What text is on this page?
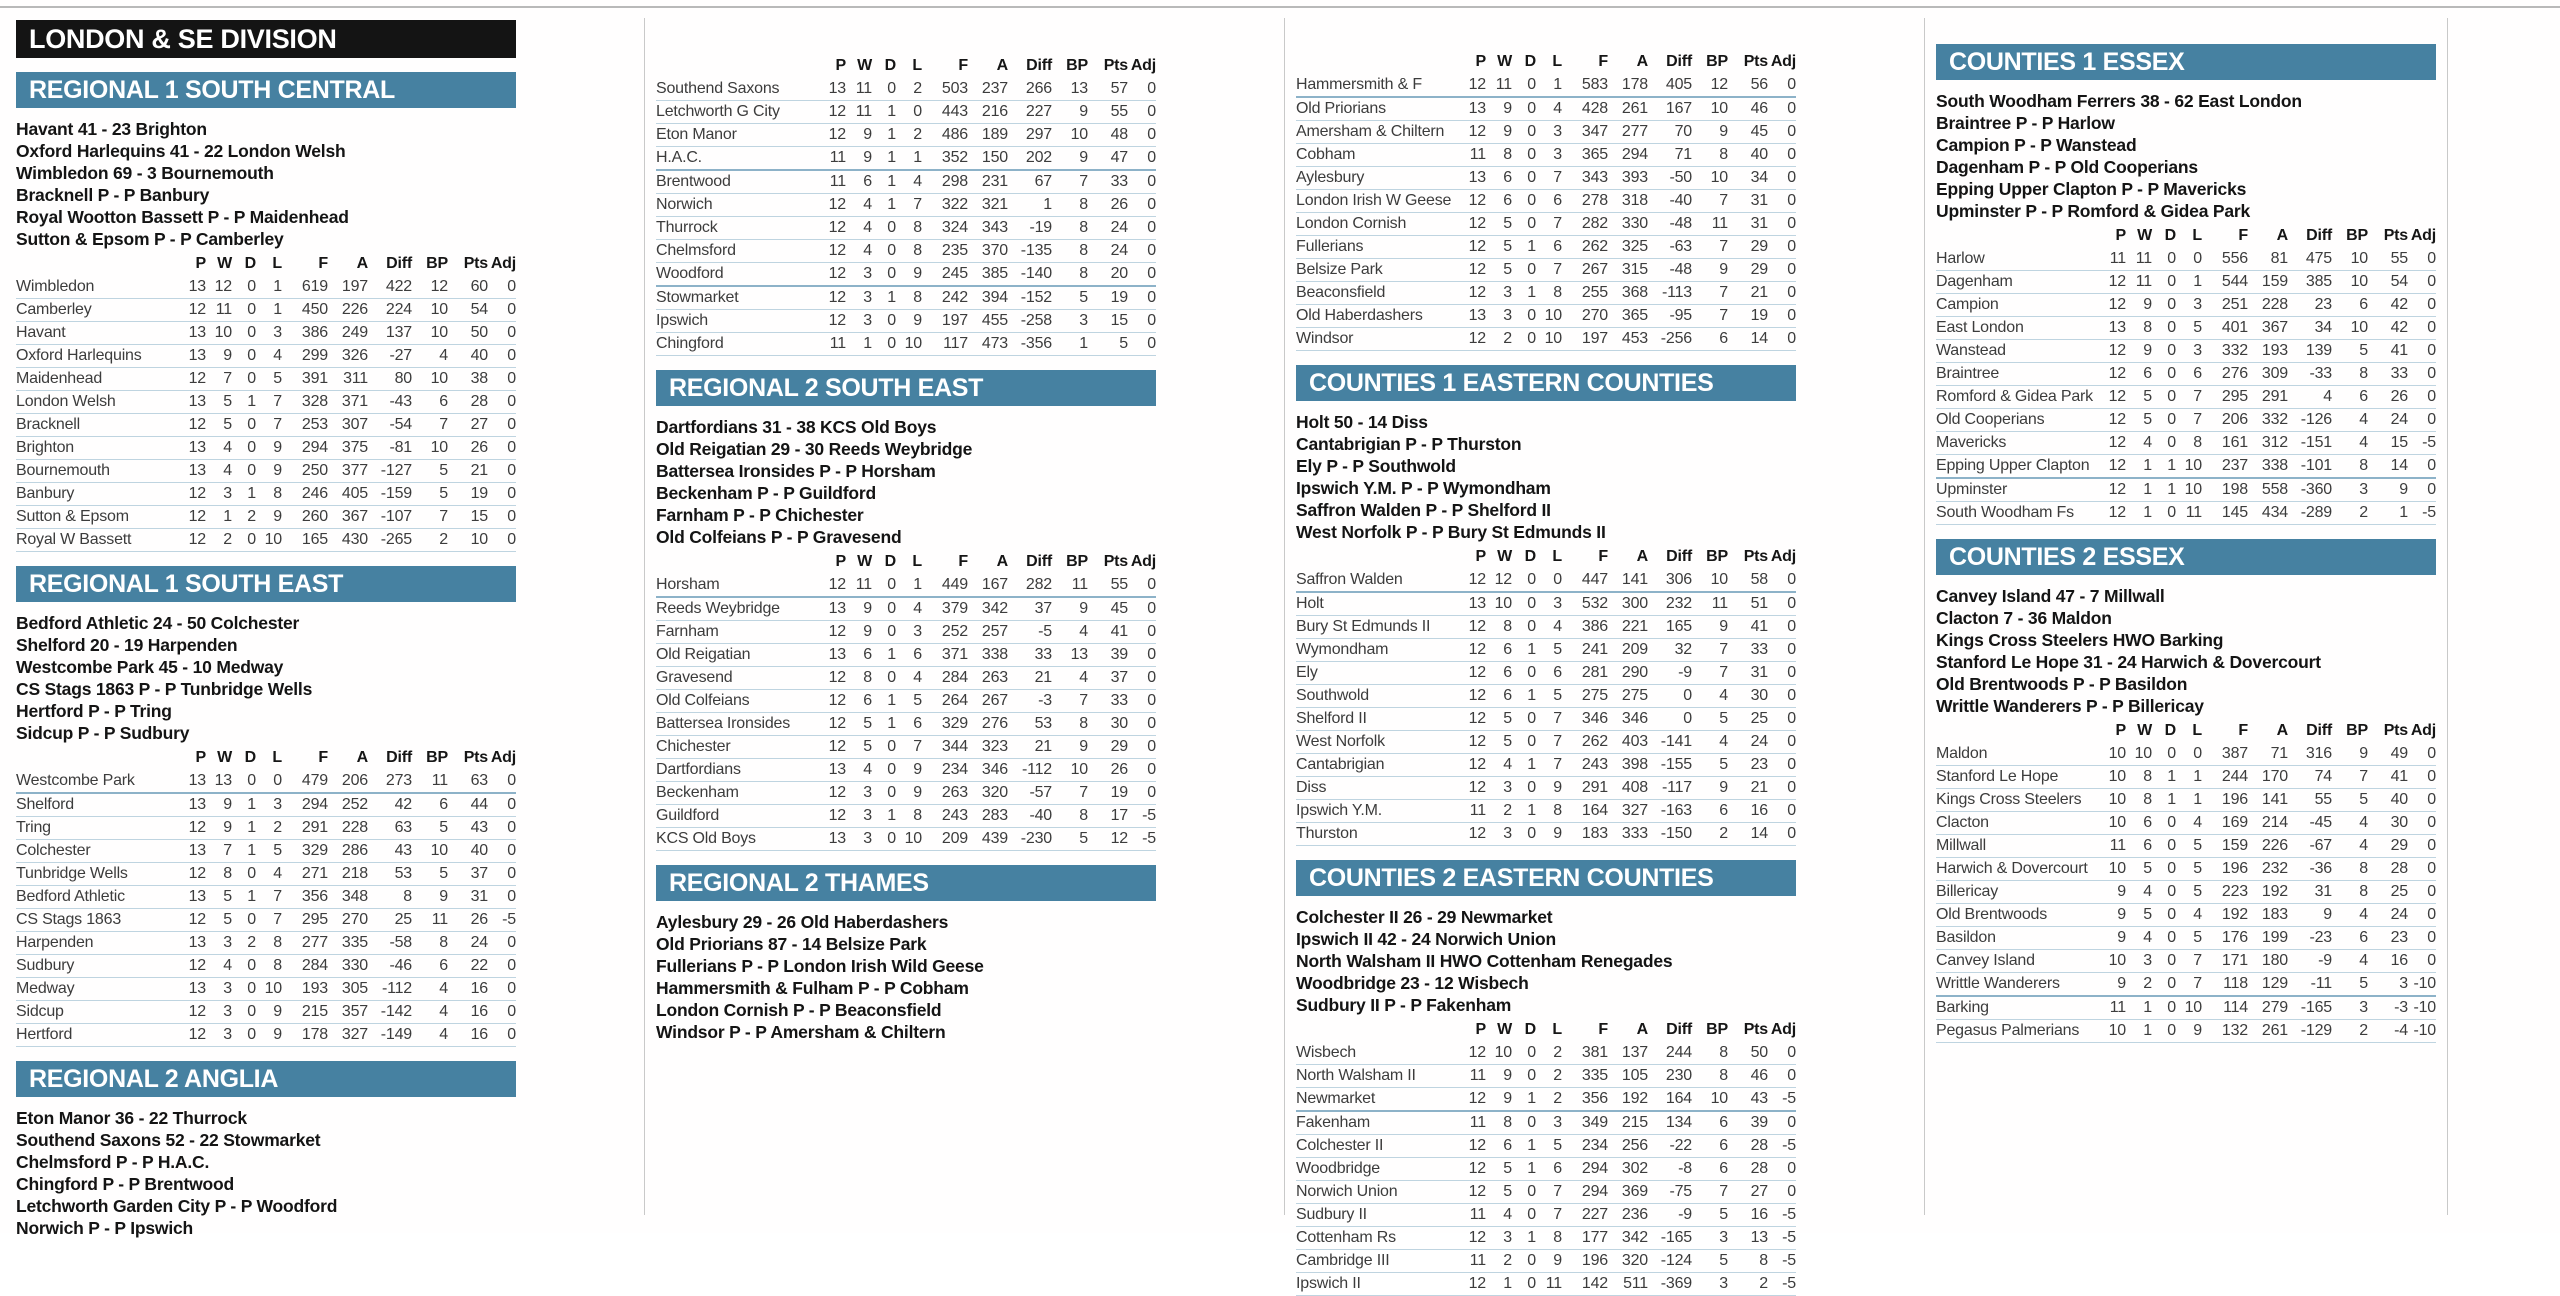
LONDON & SE DIVISION
REGIONAL 1 SOUTH CENTRAL
Havant 41 - 23 Brighton
Oxford Harlequins 41 - 22 London Welsh
Wimbledon 69 - 3 Bournemouth
Bracknell P - P Banbury
Royal Wootton Bassett P - P Maidenhead
Sutton & Epsom P - P Camberley
P W D	L	F	A	Diff BP Pts Adj
Wimbledon	13 12 0	1	619 197	422	12	60	0
Camberley	12 11 0	1	450 226	224	10	54	0
Havant	13 10 0	3	386 249	137	10	50	0
Oxford Harlequins	13	9 0	4	299 326	-27	4	40	0
Maidenhead	12	7 0	5	391 311	80	10	38	0
London Welsh	13	5 1	7	328 371	-43	6	28	0
Bracknell	12	5 0	7	253 307	-54	7	27	0
Brighton	13	4 0	9	294 375	-81	10	26	0
Bournemouth	13	4 0	9	250 377 -127	5	21	0
Banbury	12	3 1	8	246 405 -159	5	19	0
Sutton & Epsom	12	1 2	9	260 367 -107	7	15	0
Royal W Bassett	12	2 0 10	165 430 -265	2	10	0
REGIONAL 1 SOUTH EAST
Bedford Athletic 24 - 50 Colchester
Shelford 20 - 19 Harpenden
Westcombe Park 45 - 10 Medway
CS Stags 1863 P - P Tunbridge Wells
Hertford P - P Tring
Sidcup P - P Sudbury
P W D	L	F	A	Diff BP Pts Adj
Westcombe Park	13 13 0	0	479 206	273	11	63	0
Shelford	13	9 1	3	294 252	42	6	44	0
Tring	12	9 1	2	291 228	63	5	43	0
Colchester	13	7 1	5	329 286	43	10	40	0
Tunbridge Wells	12	8 0	4	271 218	53	5	37	0
Bedford Athletic	13	5 1	7	356 348	8	9	31	0
CS Stags 1863	12	5 0	7	295 270	25	11	26 -5
Harpenden	13	3 2	8	277 335	-58	8	24	0
Sudbury	12	4 0	8	284 330	-46	6	22	0
Medway	13	3 0 10	193 305 -112	4	16	0
Sidcup	12	3 0	9	215 357 -142	4	16	0
Hertford	12	3 0	9	178 327 -149	4	16	0
REGIONAL 2 ANGLIA
Eton Manor 36 - 22 Thurrock
Southend Saxons 52 - 22 Stowmarket
Chelmsford P - P H.A.C.
Chingford P - P Brentwood
Letchworth Garden City P - P Woodford
Norwich P - P Ipswich
P W D	L	F	A	Diff BP Pts Adj
Southend Saxons	13 11 0	2	503 237	266	13	57	0
Letchworth G City	12 11 1	0	443 216	227	9	55	0
Eton Manor	12	9 1	2	486 189	297	10	48	0
H.A.C.	11	9 1	1	352 150	202	9	47	0
Brentwood	11	6 1	4	298 231	67	7	33	0
Norwich	12	4 1	7	322 321	1	8	26	0
Thurrock	12	4 0	8	324 343	-19	8	24	0
Chelmsford	12	4 0	8	235 370 -135	8	24	0
Woodford	12	3 0	9	245 385 -140	8	20	0
Stowmarket	12	3 1	8	242 394 -152	5	19	0
Ipswich	12	3 0	9	197 455 -258	3	15	0
Chingford	11	1 0 10	117 473 -356	1	5	0
REGIONAL 2 SOUTH EAST
Dartfordians 31 - 38 KCS Old Boys
Old Reigatian 29 - 30 Reeds Weybridge
Battersea Ironsides P - P Horsham
Beckenham P - P Guildford
Farnham P - P Chichester
Old Colfeians P - P Gravesend
P W D	L	F	A	Diff BP Pts Adj
Horsham	12 11 0	1	449 167	282	11	55	0
Reeds Weybridge	13	9 0	4	379 342	37	9	45	0
Farnham	12	9 0	3	252 257	-5	4	41	0
Old Reigatian	13	6 1	6	371 338	33	13	39	0
Gravesend	12	8 0	4	284 263	21	4	37	0
Old Colfeians	12	6 1	5	264 267	-3	7	33	0
Battersea Ironsides	12	5 1	6	329 276	53	8	30	0
Chichester	12	5 0	7	344 323	21	9	29	0
Dartfordians	13	4 0	9	234 346 -112	10	26	0
Beckenham	12	3 0	9	263 320	-57	7	19	0
Guildford	12	3 1	8	243 283	-40	8	17 -5
KCS Old Boys	13	3 0 10	209 439 -230	5	12 -5
REGIONAL 2 THAMES
Aylesbury 29 - 26 Old Haberdashers
Old Priorians 87 - 14 Belsize Park
Fullerians P - P London Irish Wild Geese
Hammersmith & Fulham P - P Cobham
London Cornish P - P Beaconsfield
Windsor P - P Amersham & Chiltern
P W D	L	F	A	Diff BP Pts Adj
Hammersmith & F	12 11 0	1	583 178	405	12	56	0
Old Priorians	13	9 0	4	428 261	167	10	46	0
Amersham & Chiltern	12	9 0	3	347 277	70	9	45	0
Cobham	11	8 0	3	365 294	71	8	40	0
Aylesbury	13	6 0	7	343 393	-50	10	34	0
London Irish W Geese	12	6 0	6	278 318	-40	7	31	0
London Cornish	12	5 0	7	282 330	-48	11	31	0
Fullerians	12	5 1	6	262 325	-63	7	29	0
Belsize Park	12	5 0	7	267 315	-48	9	29	0
Beaconsfield	12	3 1	8	255 368 -113	7	21	0
Old Haberdashers	13	3 0 10	270 365	-95	7	19	0
Windsor	12	2 0 10	197 453 -256	6	14	0
COUNTIES 1 EASTERN COUNTIES
Holt 50 - 14 Diss
Cantabrigian P - P Thurston
Ely P - P Southwold
Ipswich Y.M. P - P Wymondham
Saffron Walden P - P Shelford II
West Norfolk P - P Bury St Edmunds II
P W D	L	F	A	Diff BP Pts Adj
Saffron Walden	12 12 0	0	447 141	306	10	58	0
Holt	13 10 0	3	532 300	232	11	51	0
Bury St Edmunds II	12	8 0	4	386 221	165	9	41	0
Wymondham	12	6 1	5	241 209	32	7	33	0
Ely	12	6 0	6	281 290	-9	7	31	0
Southwold	12	6 1	5	275 275	0	4	30	0
Shelford II	12	5 0	7	346 346	0	5	25	0
West Norfolk	12	5 0	7	262 403 -141	4	24	0
Cantabrigian	12	4 1	7	243 398 -155	5	23	0
Diss	12	3 0	9	291 408 -117	9	21	0
Ipswich Y.M.	11	2 1	8	164 327 -163	6	16	0
Thurston	12	3 0	9	183 333 -150	2	14	0
COUNTIES 2 EASTERN COUNTIES
Colchester II 26 - 29 Newmarket
Ipswich II 42 - 24 Norwich Union
North Walsham II HWO Cottenham Renegades
Woodbridge 23 - 12 Wisbech
Sudbury II P - P Fakenham
P W D	L	F	A	Diff BP Pts Adj
Wisbech	12 10 0	2	381 137	244	8	50	0
North Walsham II	11	9 0	2	335 105	230	8	46	0
Newmarket	12	9 1	2	356 192	164	10	43 -5
Fakenham	11	8 0	3	349 215	134	6	39	0
Colchester II	12	6 1	5	234 256	-22	6	28 -5
Woodbridge	12	5 1	6	294 302	-8	6	28	0
Norwich Union	12	5 0	7	294 369	-75	7	27	0
Sudbury II	11	4 0	7	227 236	-9	5	16 -5
Cottenham Rs	12	3 1	8	177 342 -165	3	13 -5
Cambridge III	11	2 0	9	196 320 -124	5	8 -5
Ipswich II	12	1 0 11	142 511 -369	3	2 -5
COUNTIES 1 ESSEX
South Woodham Ferrers 38 - 62 East London
Braintree P - P Harlow
Campion P - P Wanstead
Dagenham P - P Old Cooperians
Epping Upper Clapton P - P Mavericks
Upminster P - P Romford & Gidea Park
P W D	L	F	A	Diff BP Pts Adj
Harlow	11 11 0	0	556	81	475	10	55	0
Dagenham	12 11 0	1	544 159	385	10	54	0
Campion	12	9 0	3	251 228	23	6	42	0
East London	13	8 0	5	401 367	34	10	42	0
Wanstead	12	9 0	3	332 193	139	5	41	0
Braintree	12	6 0	6	276 309	-33	8	33	0
Romford & Gidea Park 12	5 0	7	295 291	4	6	26	0
Old Cooperians	12	5 0	7	206 332 -126	4	24	0
Mavericks	12	4 0	8	161 312 -151	4	15 -5
Epping Upper Clapton	12	1 1 10	237 338 -101	8	14	0
Upminster	12	1 1 10	198 558 -360	3	9	0
South Woodham Fs	12	1 0 11	145 434 -289	2	1 -5
COUNTIES 2 ESSEX
Canvey Island 47 - 7 Millwall
Clacton 7 - 36 Maldon
Kings Cross Steelers HWO Barking
Stanford Le Hope 31 - 24 Harwich & Dovercourt
Old Brentwoods P - P Basildon
Writtle Wanderers P - P Billericay
P W D	L	F	A	Diff BP Pts Adj
Maldon	10 10 0	0	387	71	316	9	49	0
Stanford Le Hope	10	8 1	1	244 170	74	7	41	0
Kings Cross Steelers	10	8 1	1	196 141	55	5	40	0
Clacton	10	6 0	4	169 214	-45	4	30	0
Millwall	11	6 0	5	159 226	-67	4	29	0
Harwich & Dovercourt	10	5 0	5	196 232	-36	8	28	0
Billericay	9	4 0	5	223 192	31	8	25	0
Old Brentwoods	9	5 0	4	192 183	9	4	24	0
Basildon	9	4 0	5	176 199	-23	6	23	0
Canvey Island	10	3 0	7	171 180	-9	4	16	0
Writtle Wanderers	9	2 0	7	118 129	-11	5	3 -10
Barking	11	1 0 10	114 279 -165	3	-3 -10
Pegasus Palmerians	10	1 0	9	132 261 -129	2	-4 -10
